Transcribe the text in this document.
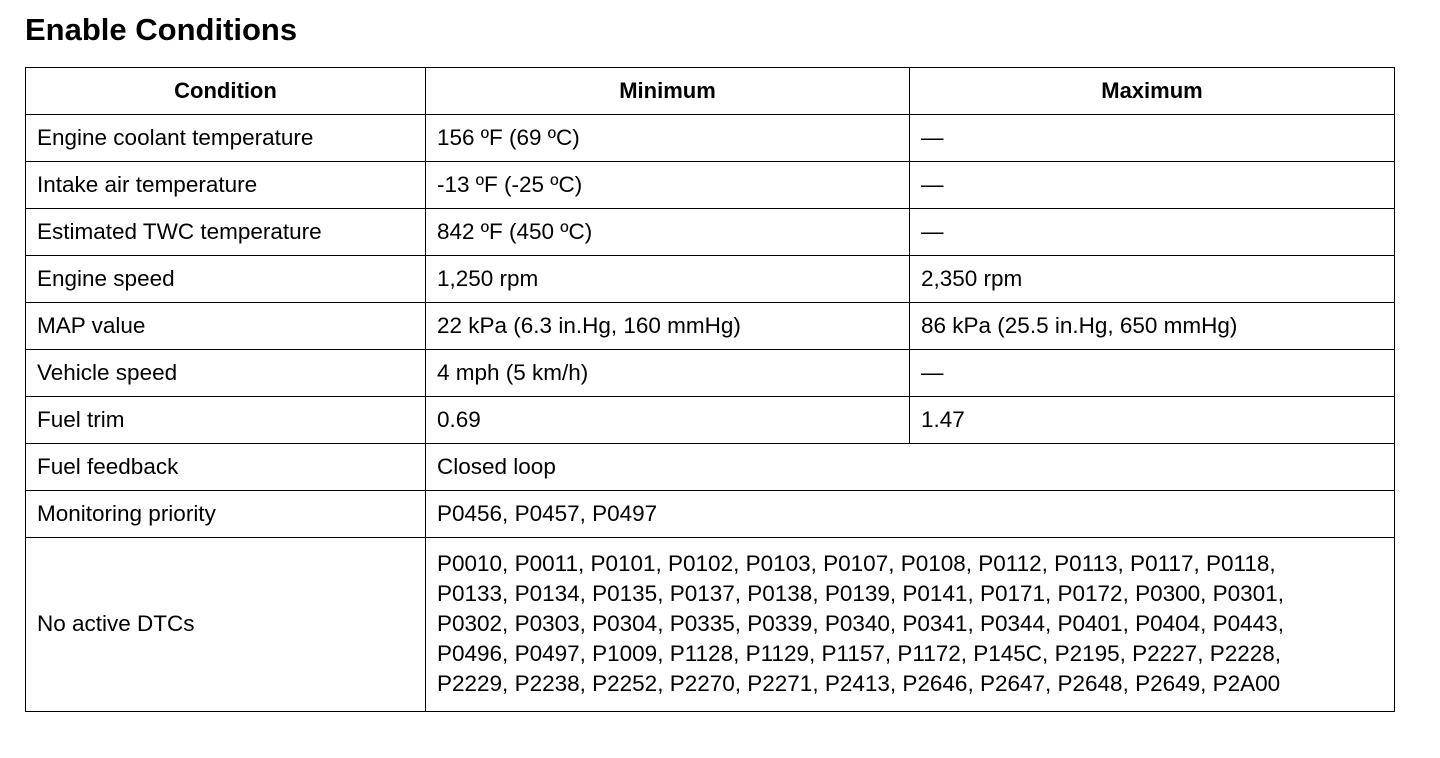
Enable Conditions
Condition	Minimum	Maximum
Engine coolant temperature	156 ºF (69 ºC)	—
Intake air temperature	-13 ºF (-25 ºC)	—
Estimated TWC temperature	842 ºF (450 ºC)	—
Engine speed	1,250 rpm	2,350 rpm
MAP value	22 kPa (6.3 in.Hg, 160 mmHg)	86 kPa (25.5 in.Hg, 650 mmHg)
Vehicle speed	4 mph (5 km/h)	—
Fuel trim	0.69	1.47
Fuel feedback	Closed loop	
Monitoring priority	P0456, P0457, P0497	
No active DTCs	P0010, P0011, P0101, P0102, P0103, P0107, P0108, P0112, P0113, P0117, P0118,
P0133, P0134, P0135, P0137, P0138, P0139, P0141, P0171, P0172, P0300, P0301,
P0302, P0303, P0304, P0335, P0339, P0340, P0341, P0344, P0401, P0404, P0443,
P0496, P0497, P1009, P1128, P1129, P1157, P1172, P145C, P2195, P2227, P2228,
P2229, P2238, P2252, P2270, P2271, P2413, P2646, P2647, P2648, P2649, P2A00	
